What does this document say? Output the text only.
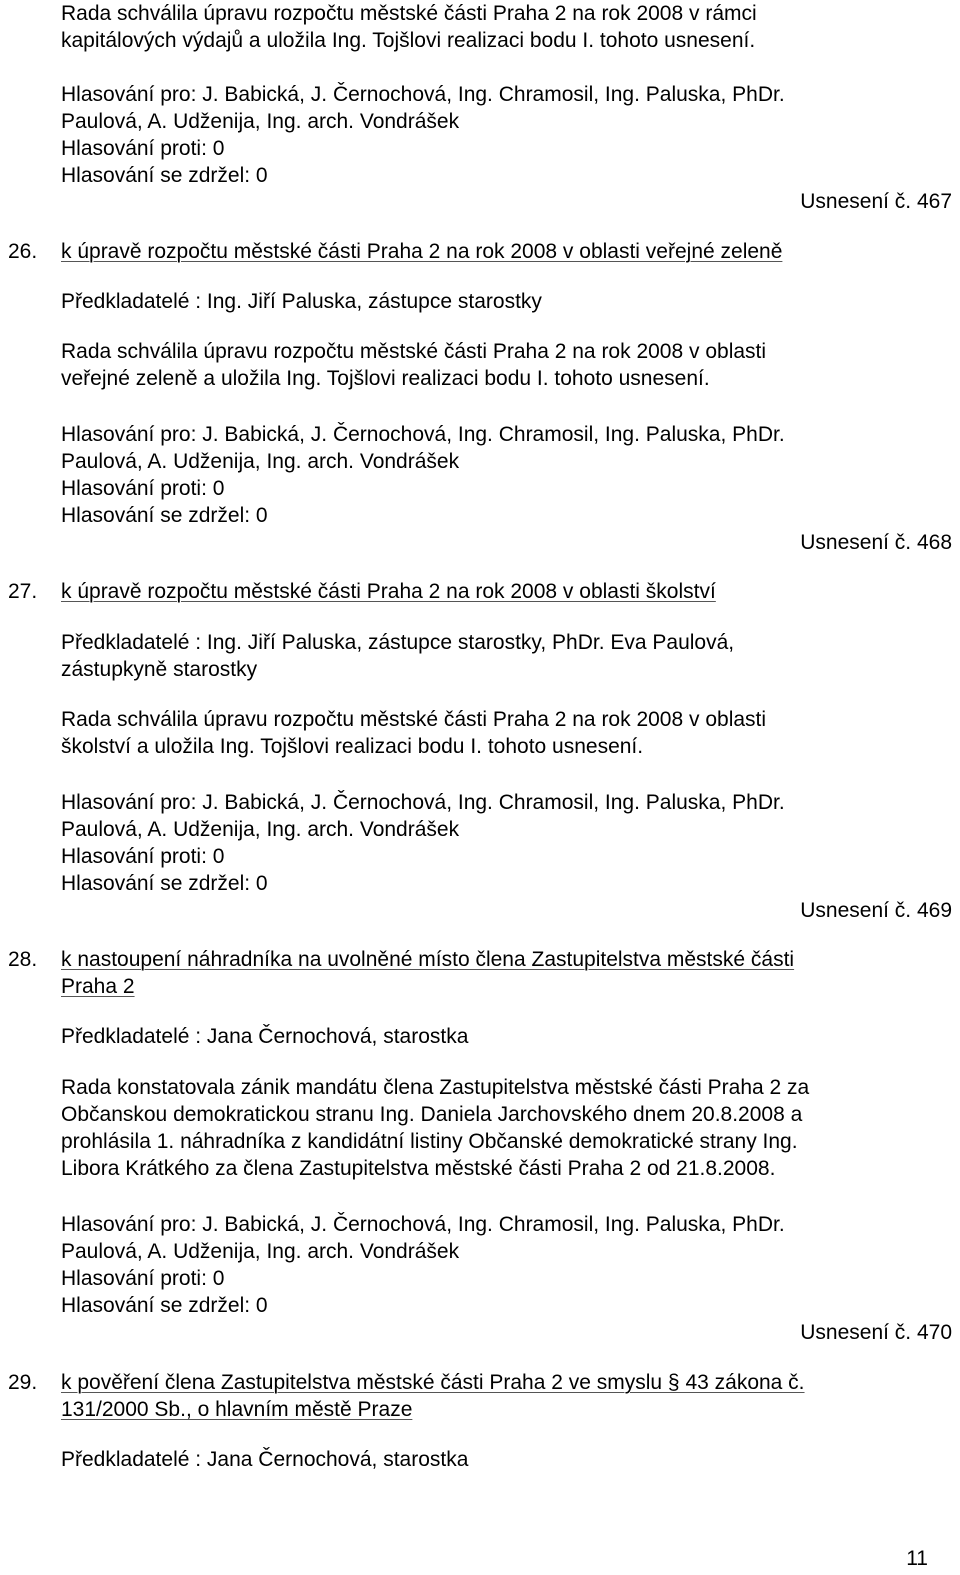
Rada schválila úpravu rozpočtu městské části Praha 2 na rok 2008 v rámci
kapitálových výdajů a uložila Ing. Tojšlovi realizaci bodu I. tohoto usnesení.
Hlasování pro: J. Babická, J. Černochová, Ing. Chramosil, Ing. Paluska, PhDr.
Paulová, A. Udženija, Ing. arch. Vondrášek
Hlasování proti: 0
Hlasování se zdržel: 0
Usnesení č. 467
26. k úpravě rozpočtu městské části Praha 2 na rok 2008 v oblasti veřejné zeleně
Předkladatelé : Ing. Jiří Paluska, zástupce starostky
Rada schválila úpravu rozpočtu městské části Praha 2 na rok 2008 v oblasti
veřejné zeleně a uložila Ing. Tojšlovi realizaci bodu I. tohoto usnesení.
Hlasování pro: J. Babická, J. Černochová, Ing. Chramosil, Ing. Paluska, PhDr.
Paulová, A. Udženija, Ing. arch. Vondrášek
Hlasování proti: 0
Hlasování se zdržel: 0
Usnesení č. 468
27. k úpravě rozpočtu městské části Praha 2 na rok 2008 v oblasti školství
Předkladatelé : Ing. Jiří Paluska, zástupce starostky, PhDr. Eva Paulová,
zástupkyně starostky
Rada schválila úpravu rozpočtu městské části Praha 2 na rok 2008 v oblasti
školství a uložila Ing. Tojšlovi realizaci bodu I. tohoto usnesení.
Hlasování pro: J. Babická, J. Černochová, Ing. Chramosil, Ing. Paluska, PhDr.
Paulová, A. Udženija, Ing. arch. Vondrášek
Hlasování proti: 0
Hlasování se zdržel: 0
Usnesení č. 469
28. k nastoupení náhradníka na uvolněné místo člena Zastupitelstva městské části
Praha 2
Předkladatelé : Jana Černochová, starostka
Rada konstatovala zánik mandátu člena Zastupitelstva městské části Praha 2 za
Občanskou demokratickou stranu Ing. Daniela Jarchovského dnem 20.8.2008 a
prohlásila 1. náhradníka z kandidátní listiny Občanské demokratické strany Ing.
Libora Krátkého za člena Zastupitelstva městské části Praha 2 od 21.8.2008.
Hlasování pro: J. Babická, J. Černochová, Ing. Chramosil, Ing. Paluska, PhDr.
Paulová, A. Udženija, Ing. arch. Vondrášek
Hlasování proti: 0
Hlasování se zdržel: 0
Usnesení č. 470
29. k pověření člena Zastupitelstva městské části Praha 2 ve smyslu § 43 zákona č.
131/2000 Sb., o hlavním městě Praze
Předkladatelé : Jana Černochová, starostka
11
